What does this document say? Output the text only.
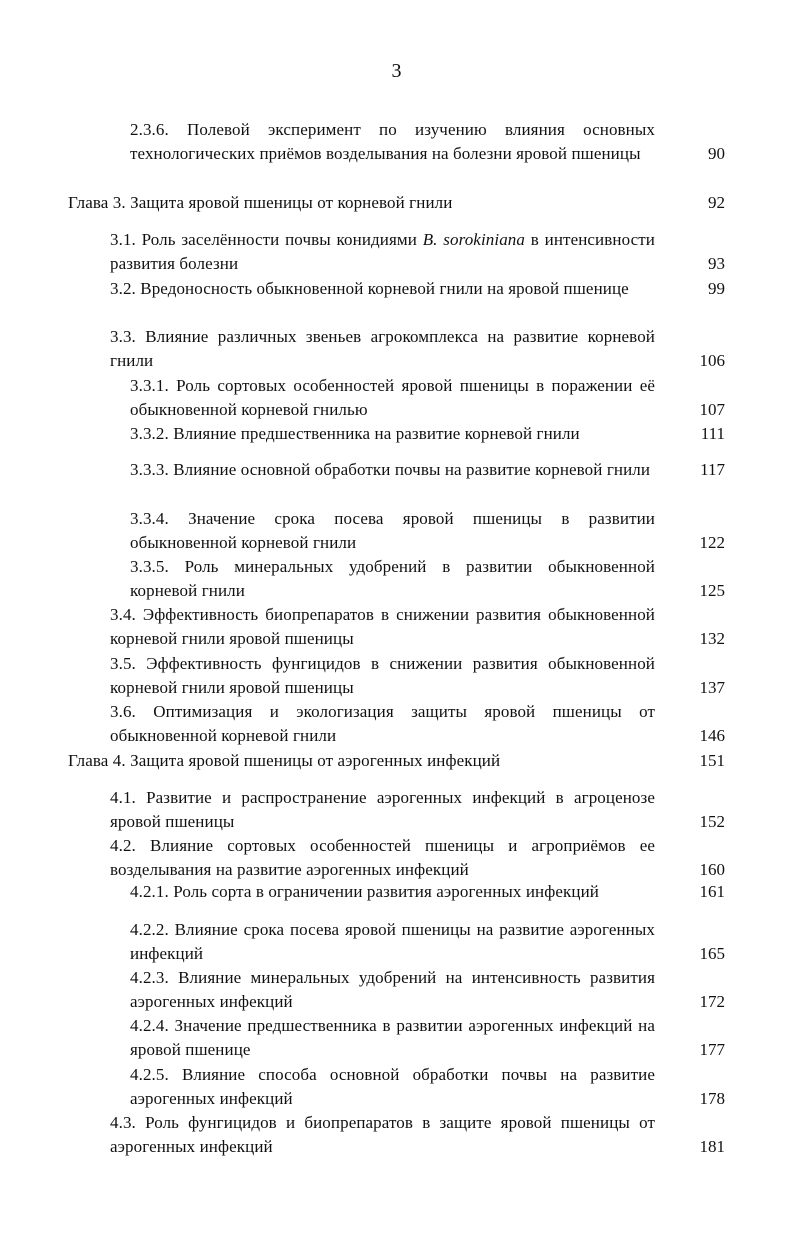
3
2.3.6. Полевой эксперимент по изучению влияния основных технологических приёмов возделывания на болезни яровой пшеницы	90
Глава 3. Защита яровой пшеницы от корневой гнили	92
3.1. Роль заселённости почвы конидиями B. sorokiniana в интенсивности развития болезни	93
3.2. Вредоносность обыкновенной корневой гнили на яровой пшенице	99
3.3. Влияние различных звеньев агрокомплекса на развитие корневой гнили	106
3.3.1. Роль сортовых особенностей яровой пшеницы в поражении её обыкновенной корневой гнилью	107
3.3.2. Влияние предшественника на развитие корневой гнили	111
3.3.3. Влияние основной обработки почвы на развитие корневой гнили	117
3.3.4. Значение срока посева яровой пшеницы в развитии обыкновенной корневой гнили	122
3.3.5. Роль минеральных удобрений в развитии обыкновенной корневой гнили	125
3.4. Эффективность биопрепаратов в снижении развития обыкновенной корневой гнили яровой пшеницы	132
3.5. Эффективность фунгицидов в снижении развития обыкновенной корневой гнили яровой пшеницы	137
3.6. Оптимизация и экологизация защиты яровой пшеницы от обыкновенной корневой гнили	146
Глава 4. Защита яровой пшеницы от аэрогенных инфекций	151
4.1. Развитие и распространение аэрогенных инфекций в агроценозе яровой пшеницы	152
4.2. Влияние сортовых особенностей пшеницы и агроприёмов ее возделывания на развитие аэрогенных инфекций	160
4.2.1. Роль сорта в ограничении развития аэрогенных инфекций	161
4.2.2. Влияние срока посева яровой пшеницы на развитие аэрогенных инфекций	165
4.2.3. Влияние минеральных удобрений на интенсивность развития аэрогенных инфекций	172
4.2.4. Значение предшественника в развитии аэрогенных инфекций на яровой пшенице	177
4.2.5. Влияние способа основной обработки почвы на развитие аэрогенных инфекций	178
4.3. Роль фунгицидов и биопрепаратов в защите яровой пшеницы от аэрогенных инфекций	181
